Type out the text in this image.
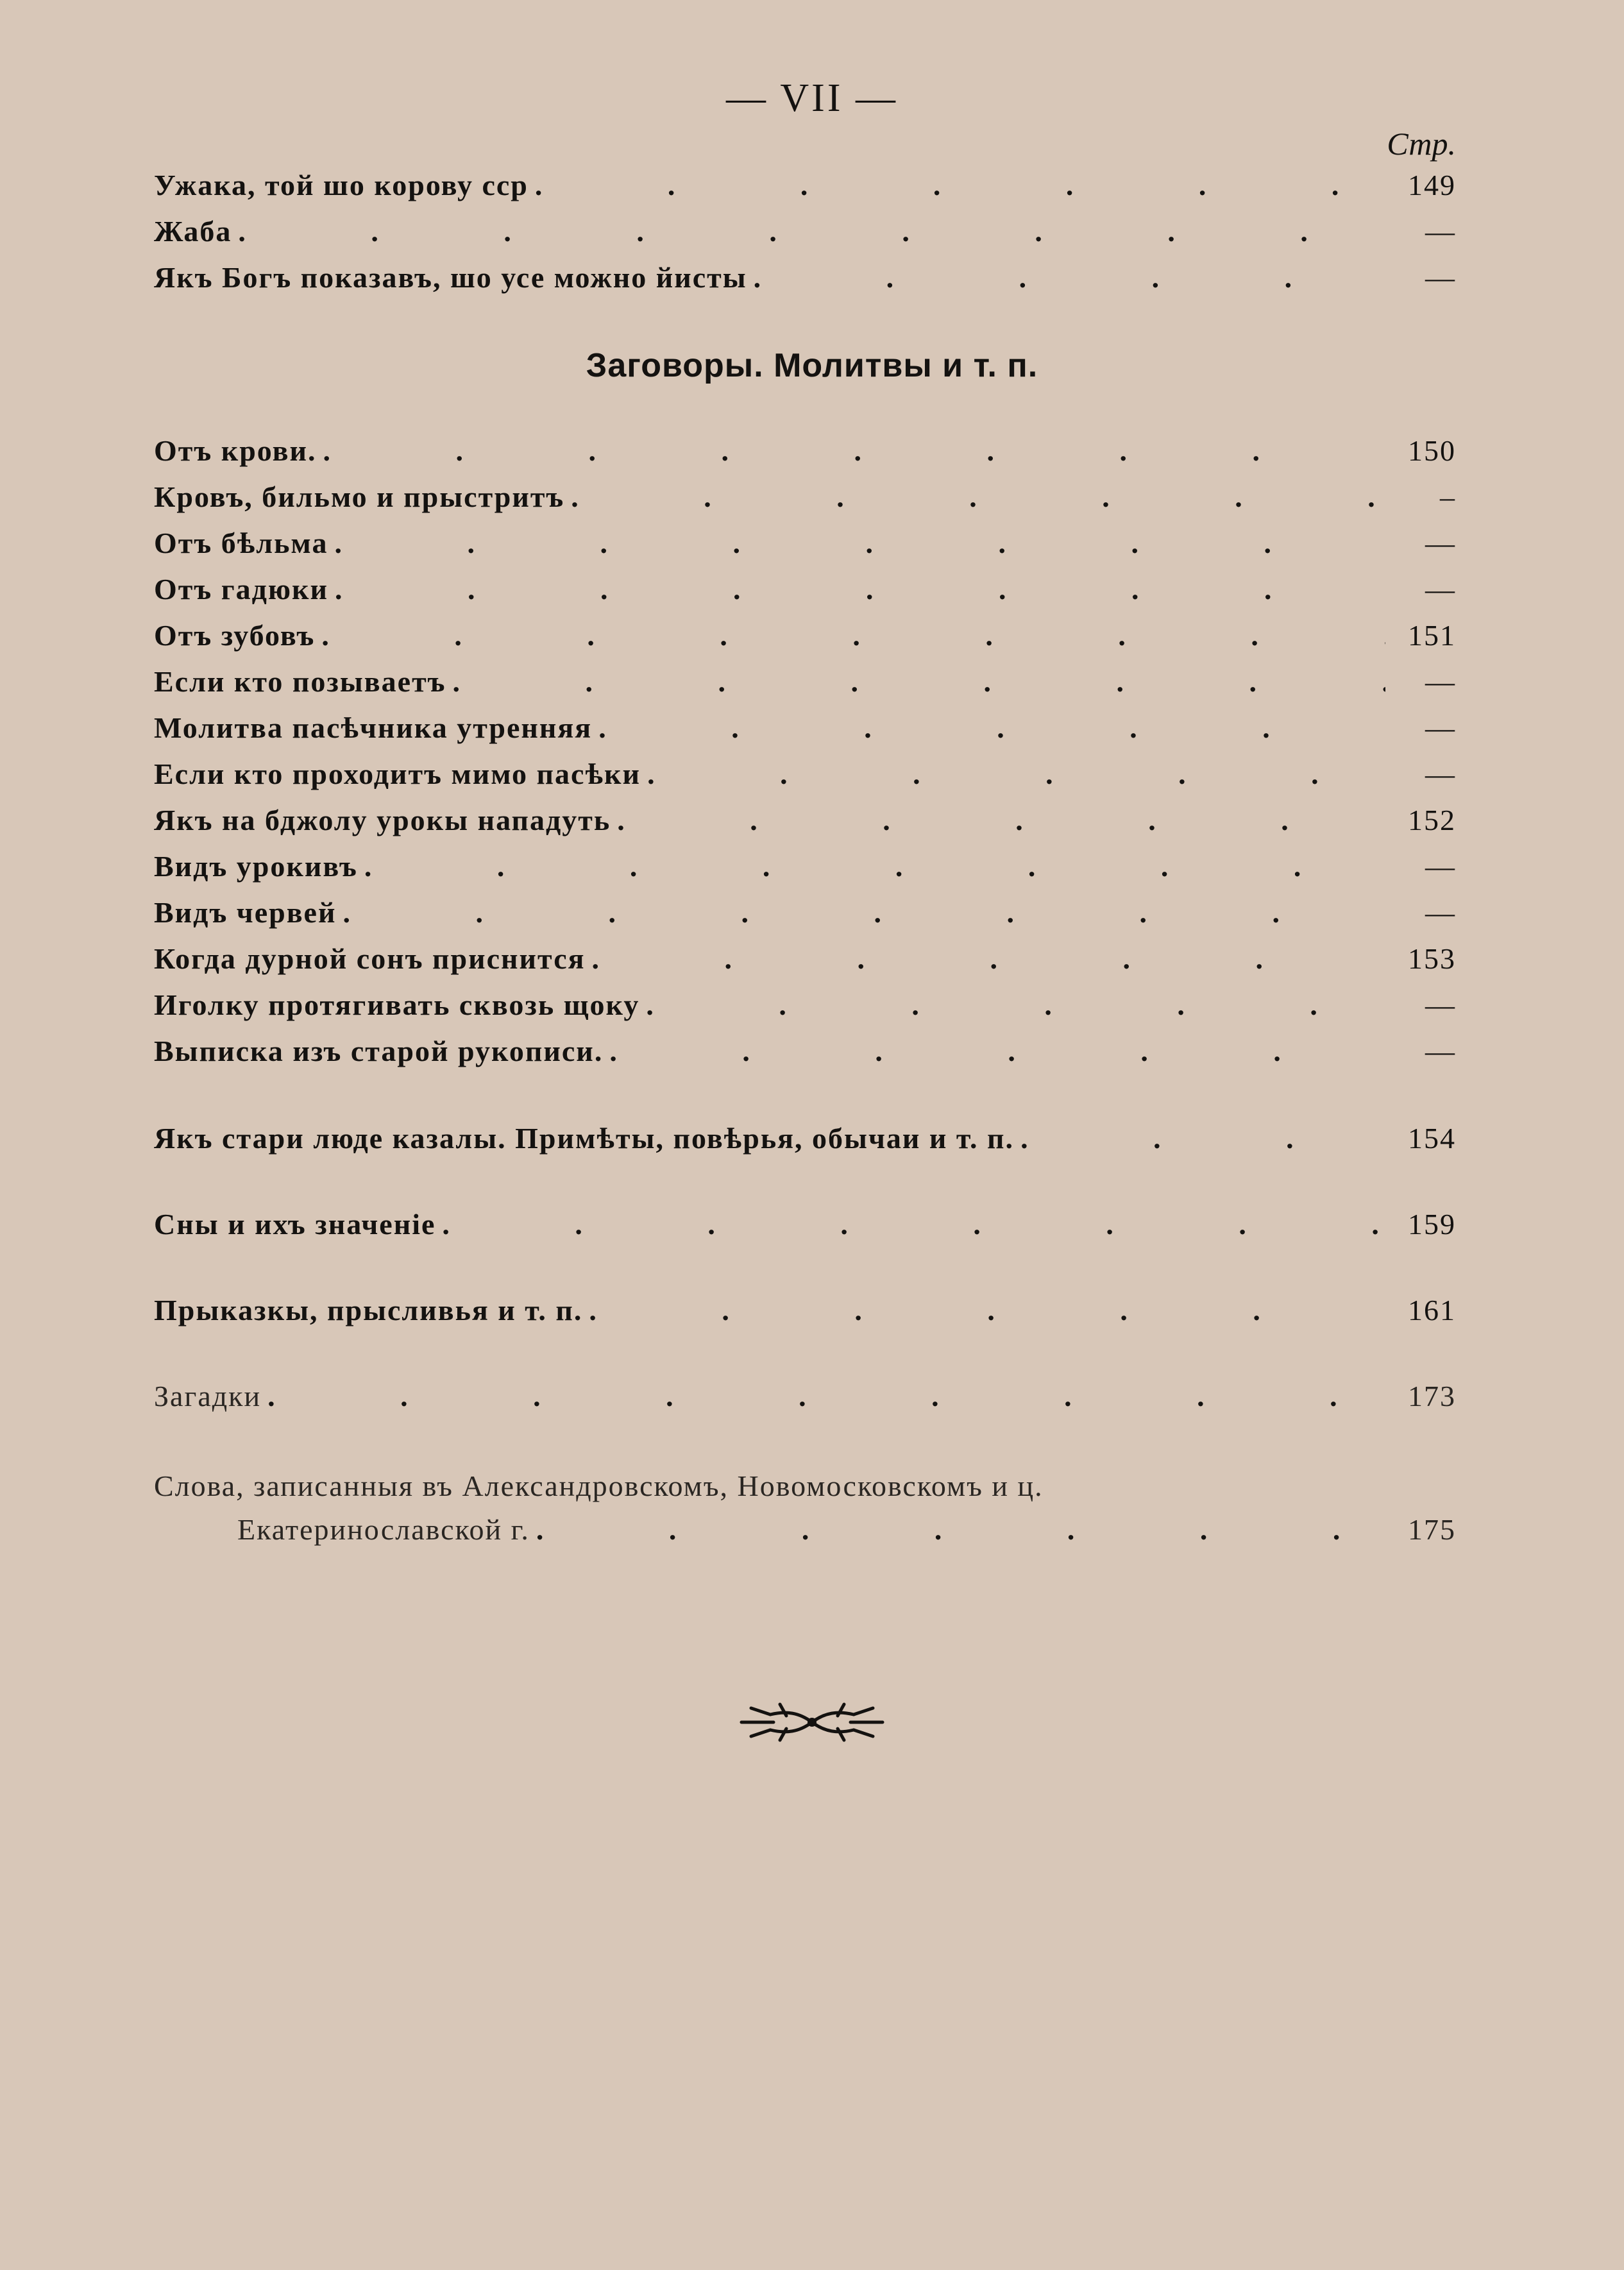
— VII —
Стр.
Ужака, той шо корову сср .	149
Жаба .	—
Якъ Богъ показавъ, шо усе можно йисты .	—
Заговоры. Молитвы и т. п.
Отъ крови. .	150
Кровъ, бильмо и прыстритъ .	–
Отъ бѣльма .	—
Отъ гадюки .	—
Отъ зубовъ .	151
Если кто позываетъ .	—
Молитва пасѣчника утренняя .	—
Если кто проходитъ мимо пасѣки .	—
Якъ на бджолу урокы нападуть .	152
Видъ урокивъ .	—
Видъ червей .	—
Когда дурной сонъ приснится .	153
Иголку протягивать сквозь щоку .	—
Выписка изъ старой рукописи. .	—
Якъ стари люде казалы. Примѣты, повѣрья, обычаи и т. п. .	154
Сны и ихъ значеніе .	159
Прыказкы, прысливья и т. п. .	161
Загадки .	173
Слова, записанныя въ Александровскомъ, Новомосковскомъ и ц.
Екатеринославской г. .	175
